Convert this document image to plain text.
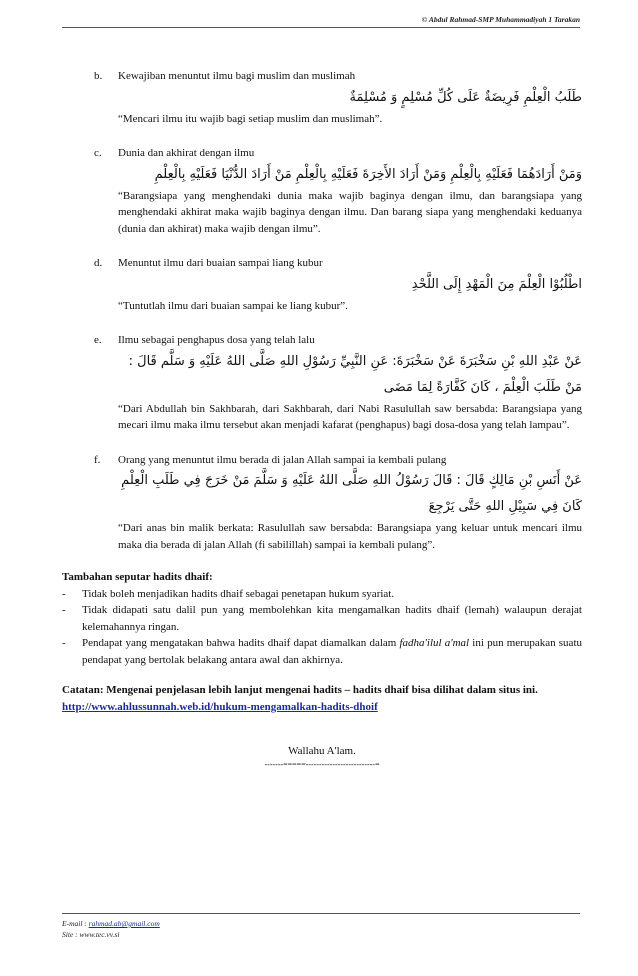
© Abdul Rahmad-SMP Muhammadiyah 1 Tarakan
b. Kewajiban menuntut ilmu bagi muslim dan muslimah
طَلَبُ الْعِلْمِ فَرِيضَةٌ عَلَى كُلِّ مُسْلِمٍ وَ مُسْلِمَةٌ
“Mencari ilmu itu wajib bagi setiap muslim dan muslimah”.
c. Dunia dan akhirat dengan ilmu
وَمَنْ أَرَادَهُمَا فَعَلَيْهِ بِالْعِلْمِ وَمَنْ أَرَادَ الأَخِرَةَ فَعَلَيْهِ بِالْعِلْمِ مَنْ أَرَادَ الدُّنْيَا فَعَلَيْهِ بِالْعِلْمِ
“Barangsiapa yang menghendaki dunia maka wajib baginya dengan ilmu, dan barangsiapa yang menghendaki akhirat maka wajib baginya dengan ilmu. Dan barang siapa yang menghendaki keduanya (dunia dan akhirat) maka wajib dengan ilmu”.
d. Menuntut ilmu dari buaian sampai liang kubur
اطْلُبُوْا الْعِلْمَ مِنَ الْمَهْدِ إِلَى اللَّحْدِ
“Tuntutlah ilmu dari buaian sampai ke liang kubur”.
e. Ilmu sebagai penghapus dosa yang telah lalu
عَنْ عَبْدِ اللهِ بْنِ سَخْبَرَةَ عَنْ سَخْبَرَةَ: عَنِ النَّبِيِّ رَسُوْلِ اللهِ صَلَّى اللهُ عَلَيْهِ وَ سَلَّم قَالَ : مَنْ طَلَبَ الْعِلْمَ ، كَانَ كَفَّارَةً لِمَا مَضَى
“Dari Abdullah bin Sakhbarah, dari Sakhbarah, dari Nabi Rasulullah saw bersabda: Barangsiapa yang mecari ilmu maka ilmu tersebut akan menjadi kafarat (penghapus) bagi dosa-dosa yang telah lampau”.
f. Orang yang menuntut ilmu berada di jalan Allah sampai ia kembali pulang
عَنْ أَنَسِ بْنِ مَالِكٍ قَالَ : قَالَ رَسُوْلُ اللهِ صَلَّى اللهُ عَلَيْهِ وَ سَلَّمَ مَنْ خَرَجَ فِي طَلَبِ الْعِلْمِ كَانَ فِي سَبِيْلِ اللهِ حَتَّى يَرْجِعَ
“Dari anas bin malik berkata: Rasulullah saw bersabda: Barangsiapa yang keluar untuk mencari ilmu maka dia berada di jalan Allah (fi sabilillah) sampai ia kembali pulang”.

Tambahan seputar hadits dhaif:

- Tidak boleh menjadikan hadits dhaif sebagai penetapan hukum syariat.
- Tidak didapati satu dalil pun yang membolehkan kita mengamalkan hadits dhaif (lemah) walaupun derajat kelemahannya ringan.
- Pendapat yang mengatakan bahwa hadits dhaif dapat diamalkan dalam fadha'ilul a'mal ini pun merupakan suatu pendapat yang bertolak belakang antara awal dan akhirnya.
Catatan: Mengenai penjelasan lebih lanjut mengenai hadits – hadits dhaif bisa dilihat dalam situs ini.
http://www.ahlussunnah.web.id/hukum-mengamalkan-hadits-dhoif
Wallahu A'lam.
-------=====--------------------------=
E-mail : rahmad.ab@gmail.com
Site : www.tec.vv.si
